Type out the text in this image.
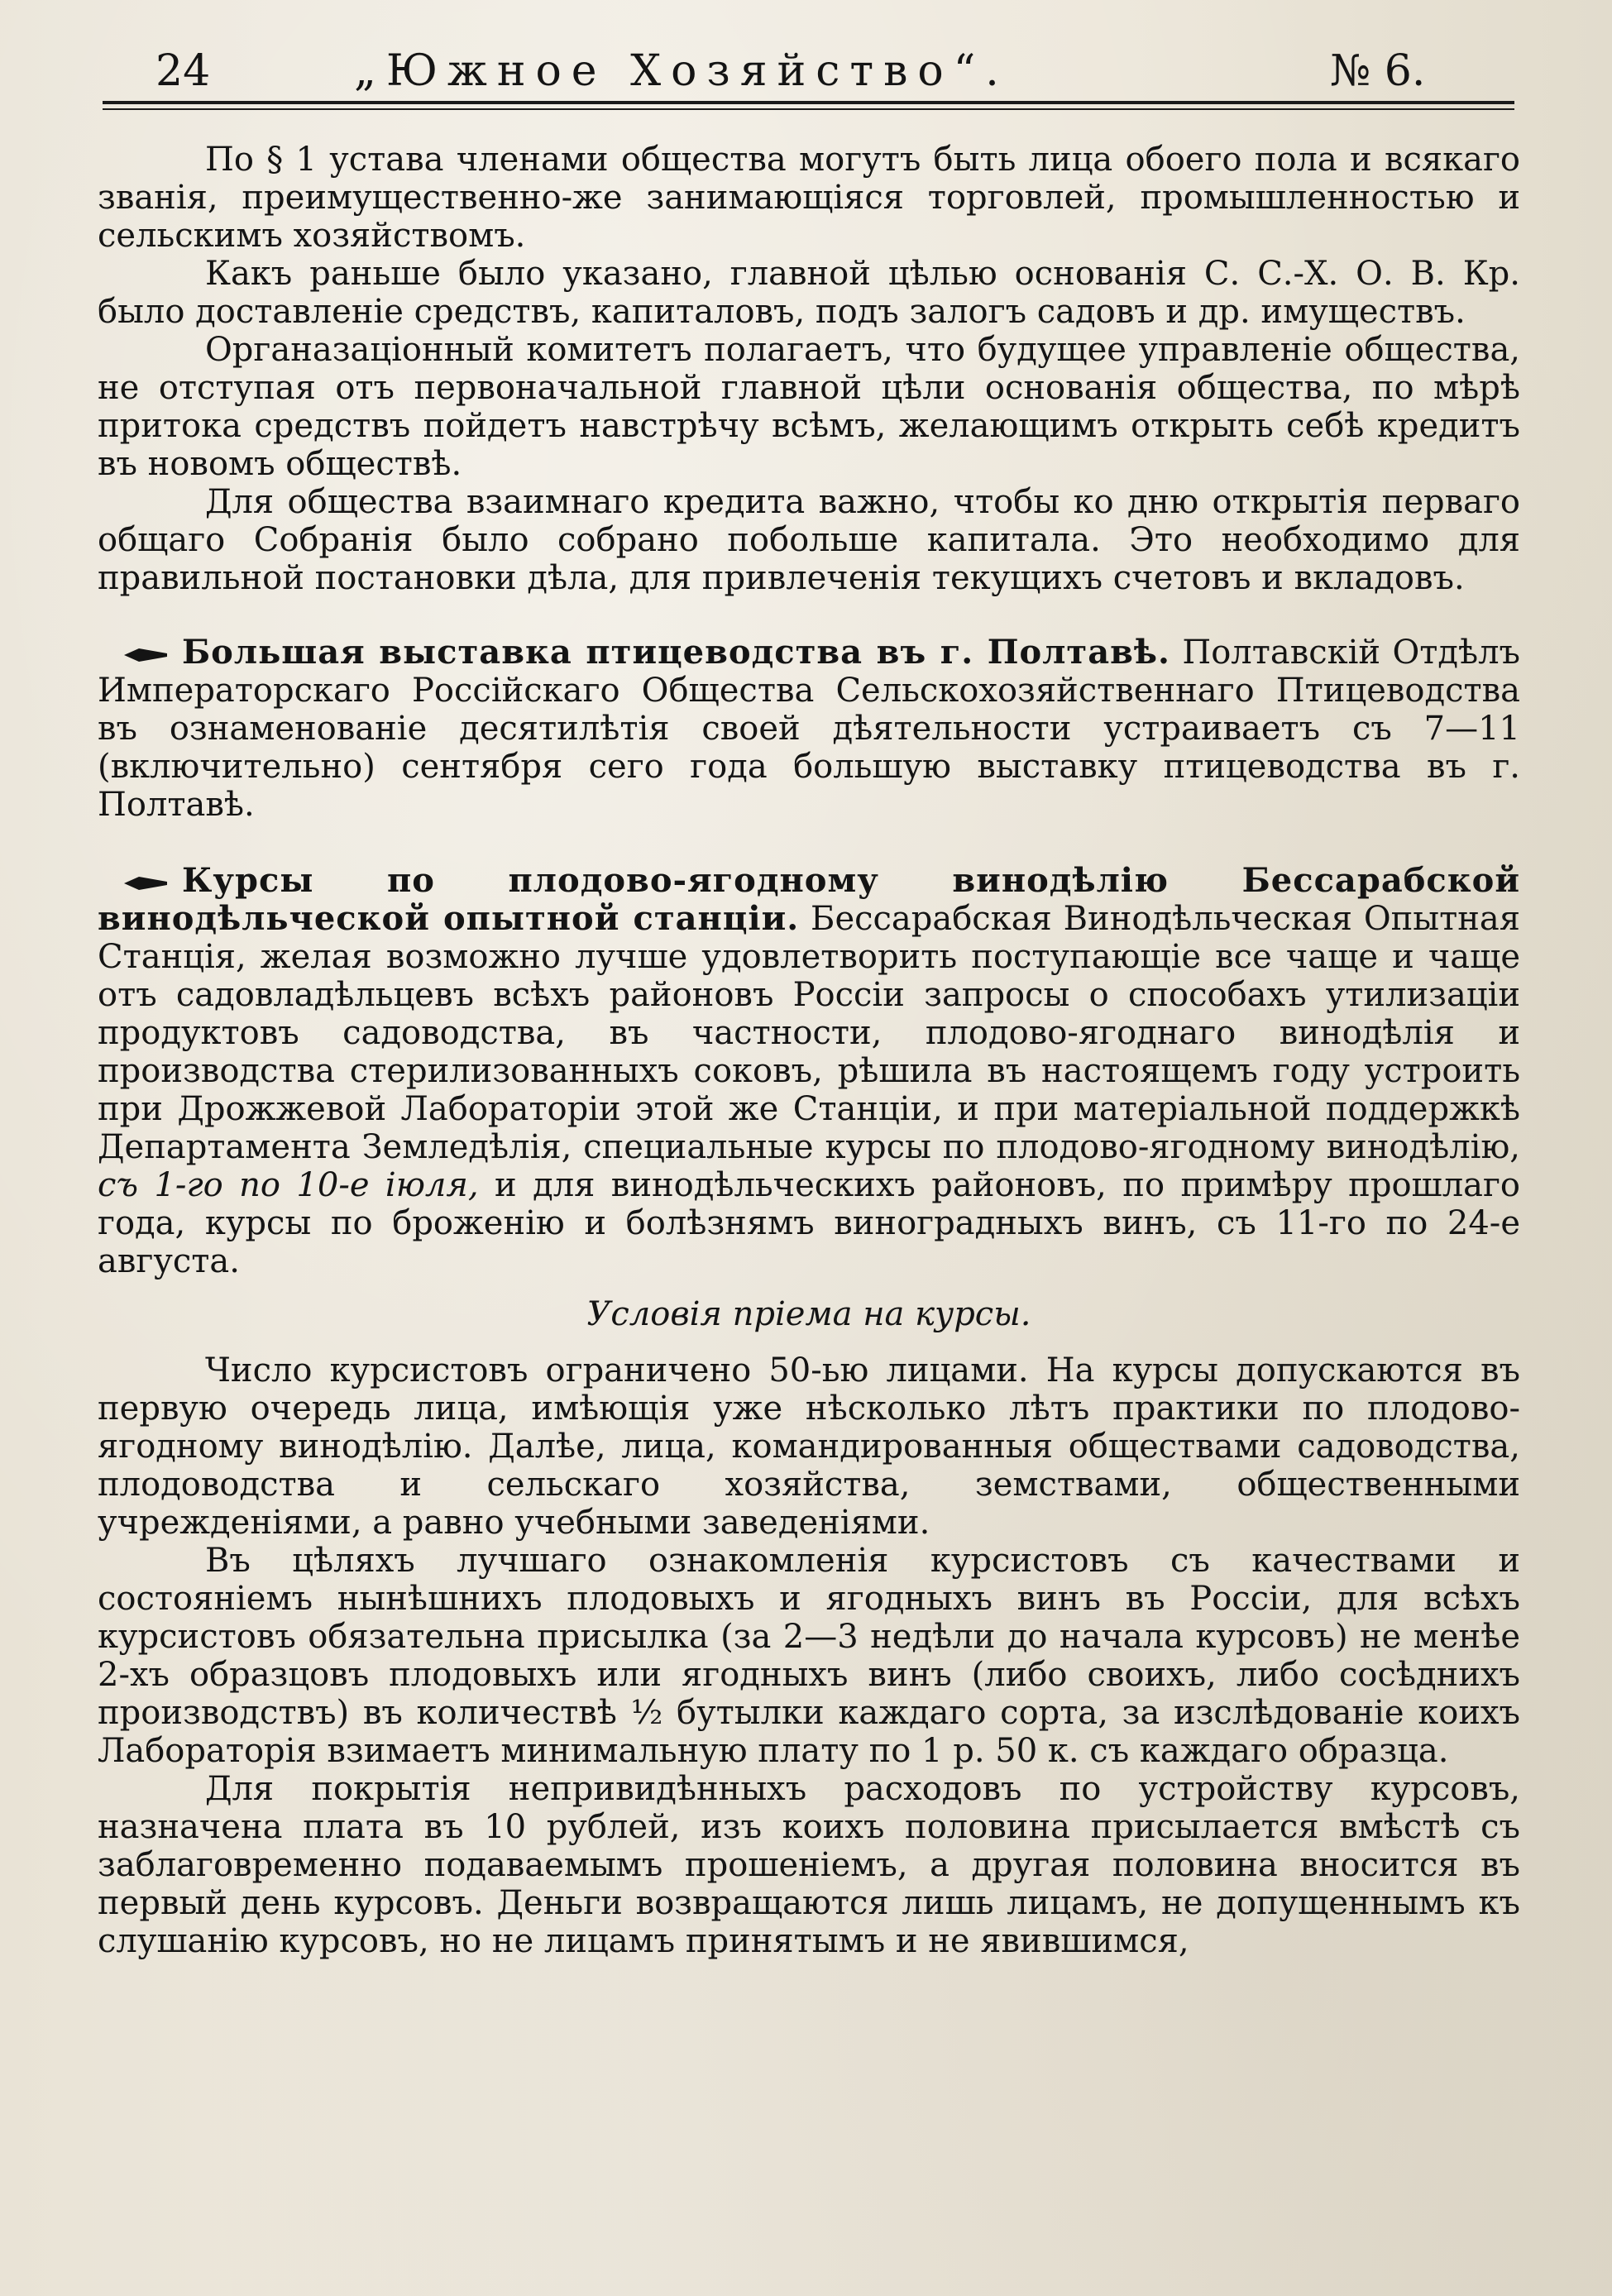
24	„Южное Хозяйство“.	№ 6.

По § 1 устава членами общества могутъ быть лица обоего пола и всякаго званія, преимущественно-же занимающіяся торговлей, промышленностью и сельскимъ хозяйствомъ.

Какъ раньше было указано, главной цѣлью основанія С. С.-Х. О. В. Кр. было доставленіе средствъ, капиталовъ, подъ залогъ садовъ и др. имуществъ.

Органазаціонный комитетъ полагаетъ, что будущее управленіе общества, не отступая отъ первоначальной главной цѣли основанія общества, по мѣрѣ притока средствъ пойдетъ навстрѣчу всѣмъ, желающимъ открыть себѣ кредитъ въ новомъ обществѣ.

Для общества взаимнаго кредита важно, чтобы ко дню открытія перваго общаго Собранія было собрано побольше капитала. Это необходимо для правильной постановки дѣла, для привлеченія текущихъ счетовъ и вкладовъ.

Большая выставка птицеводства въ г. Полтавѣ. Полтавскій Отдѣлъ Императорскаго Россійскаго Общества Сельскохозяйственнаго Птицеводства въ ознаменованіе десятилѣтія своей дѣятельности устраиваетъ съ 7—11 (включительно) сентября сего года большую выставку птицеводства въ г. Полтавѣ.

Курсы по плодово-ягодному винодѣлію Бессарабской винодѣльческой опытной станціи. Бессарабская Винодѣльческая Опытная Станція, желая возможно лучше удовлетворить поступающіе все чаще и чаще отъ садовладѣльцевъ всѣхъ районовъ Россіи запросы о способахъ утилизаціи продуктовъ садоводства, въ частности, плодово-ягоднаго винодѣлія и производства стерилизованныхъ соковъ, рѣшила въ настоящемъ году устроить при Дрожжевой Лабораторіи этой же Станціи, и при матеріальной поддержкѣ Департамента Земледѣлія, специальные курсы по плодово-ягодному винодѣлію, съ 1-го по 10-е іюля, и для винодѣльческихъ районовъ, по примѣру прошлаго года, курсы по броженію и болѣзнямъ виноградныхъ винъ, съ 11-го по 24-е августа.

Условія пріема на курсы.

Число курсистовъ ограничено 50-ью лицами. На курсы допускаются въ первую очередь лица, имѣющія уже нѣсколько лѣтъ практики по плодово-ягодному винодѣлію. Далѣе, лица, командированныя обществами садоводства, плодоводства и сельскаго хозяйства, земствами, общественными учрежденіями, а равно учебными заведеніями.

Въ цѣляхъ лучшаго ознакомленія курсистовъ съ качествами и состояніемъ нынѣшнихъ плодовыхъ и ягодныхъ винъ въ Россіи, для всѣхъ курсистовъ обязательна присылка (за 2—3 недѣли до начала курсовъ) не менѣе 2-хъ образцовъ плодовыхъ или ягодныхъ винъ (либо своихъ, либо сосѣднихъ производствъ) въ количествѣ ½ бутылки каждаго сорта, за изслѣдованіе коихъ Лабораторія взимаетъ минимальную плату по 1 р. 50 к. съ каждаго образца.

Для покрытія непривидѣнныхъ расходовъ по устройству курсовъ, назначена плата въ 10 рублей, изъ коихъ половина присылается вмѣстѣ съ заблаговременно подаваемымъ прошеніемъ, а другая половина вносится въ первый день курсовъ. Деньги возвращаются лишь лицамъ, не допущеннымъ къ слушанію курсовъ, но не лицамъ принятымъ и не явившимся,
